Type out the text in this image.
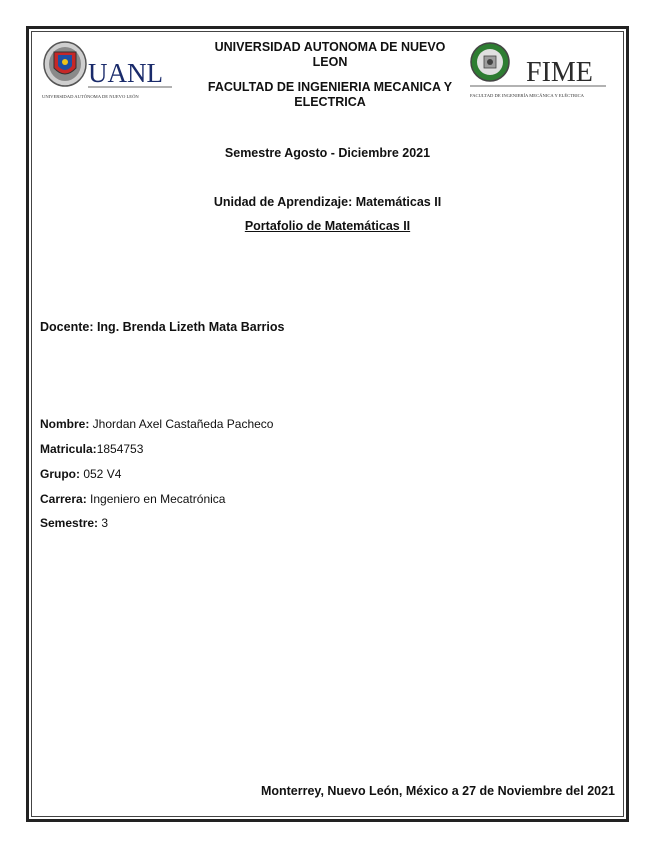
UANL
UNIVERSIDAD AUTÓNOMA DE NUEVO LEÓN
FIME
FACULTAD DE INGENIERÍA MECÁNICA Y ELÉCTRICA
UNIVERSIDAD AUTONOMA DE NUEVO
LEON
FACULTAD DE INGENIERIA MECANICA Y
ELECTRICA
Semestre Agosto - Diciembre 2021
Unidad de Aprendizaje: Matemáticas II
Portafolio de Matemáticas II
Docente: Ing. Brenda Lizeth Mata Barrios
Nombre: Jhordan Axel Castañeda Pacheco
Matricula:1854753
Grupo: 052 V4
Carrera: Ingeniero en Mecatrónica
Semestre: 3
Monterrey, Nuevo León, México a 27 de Noviembre del 2021
